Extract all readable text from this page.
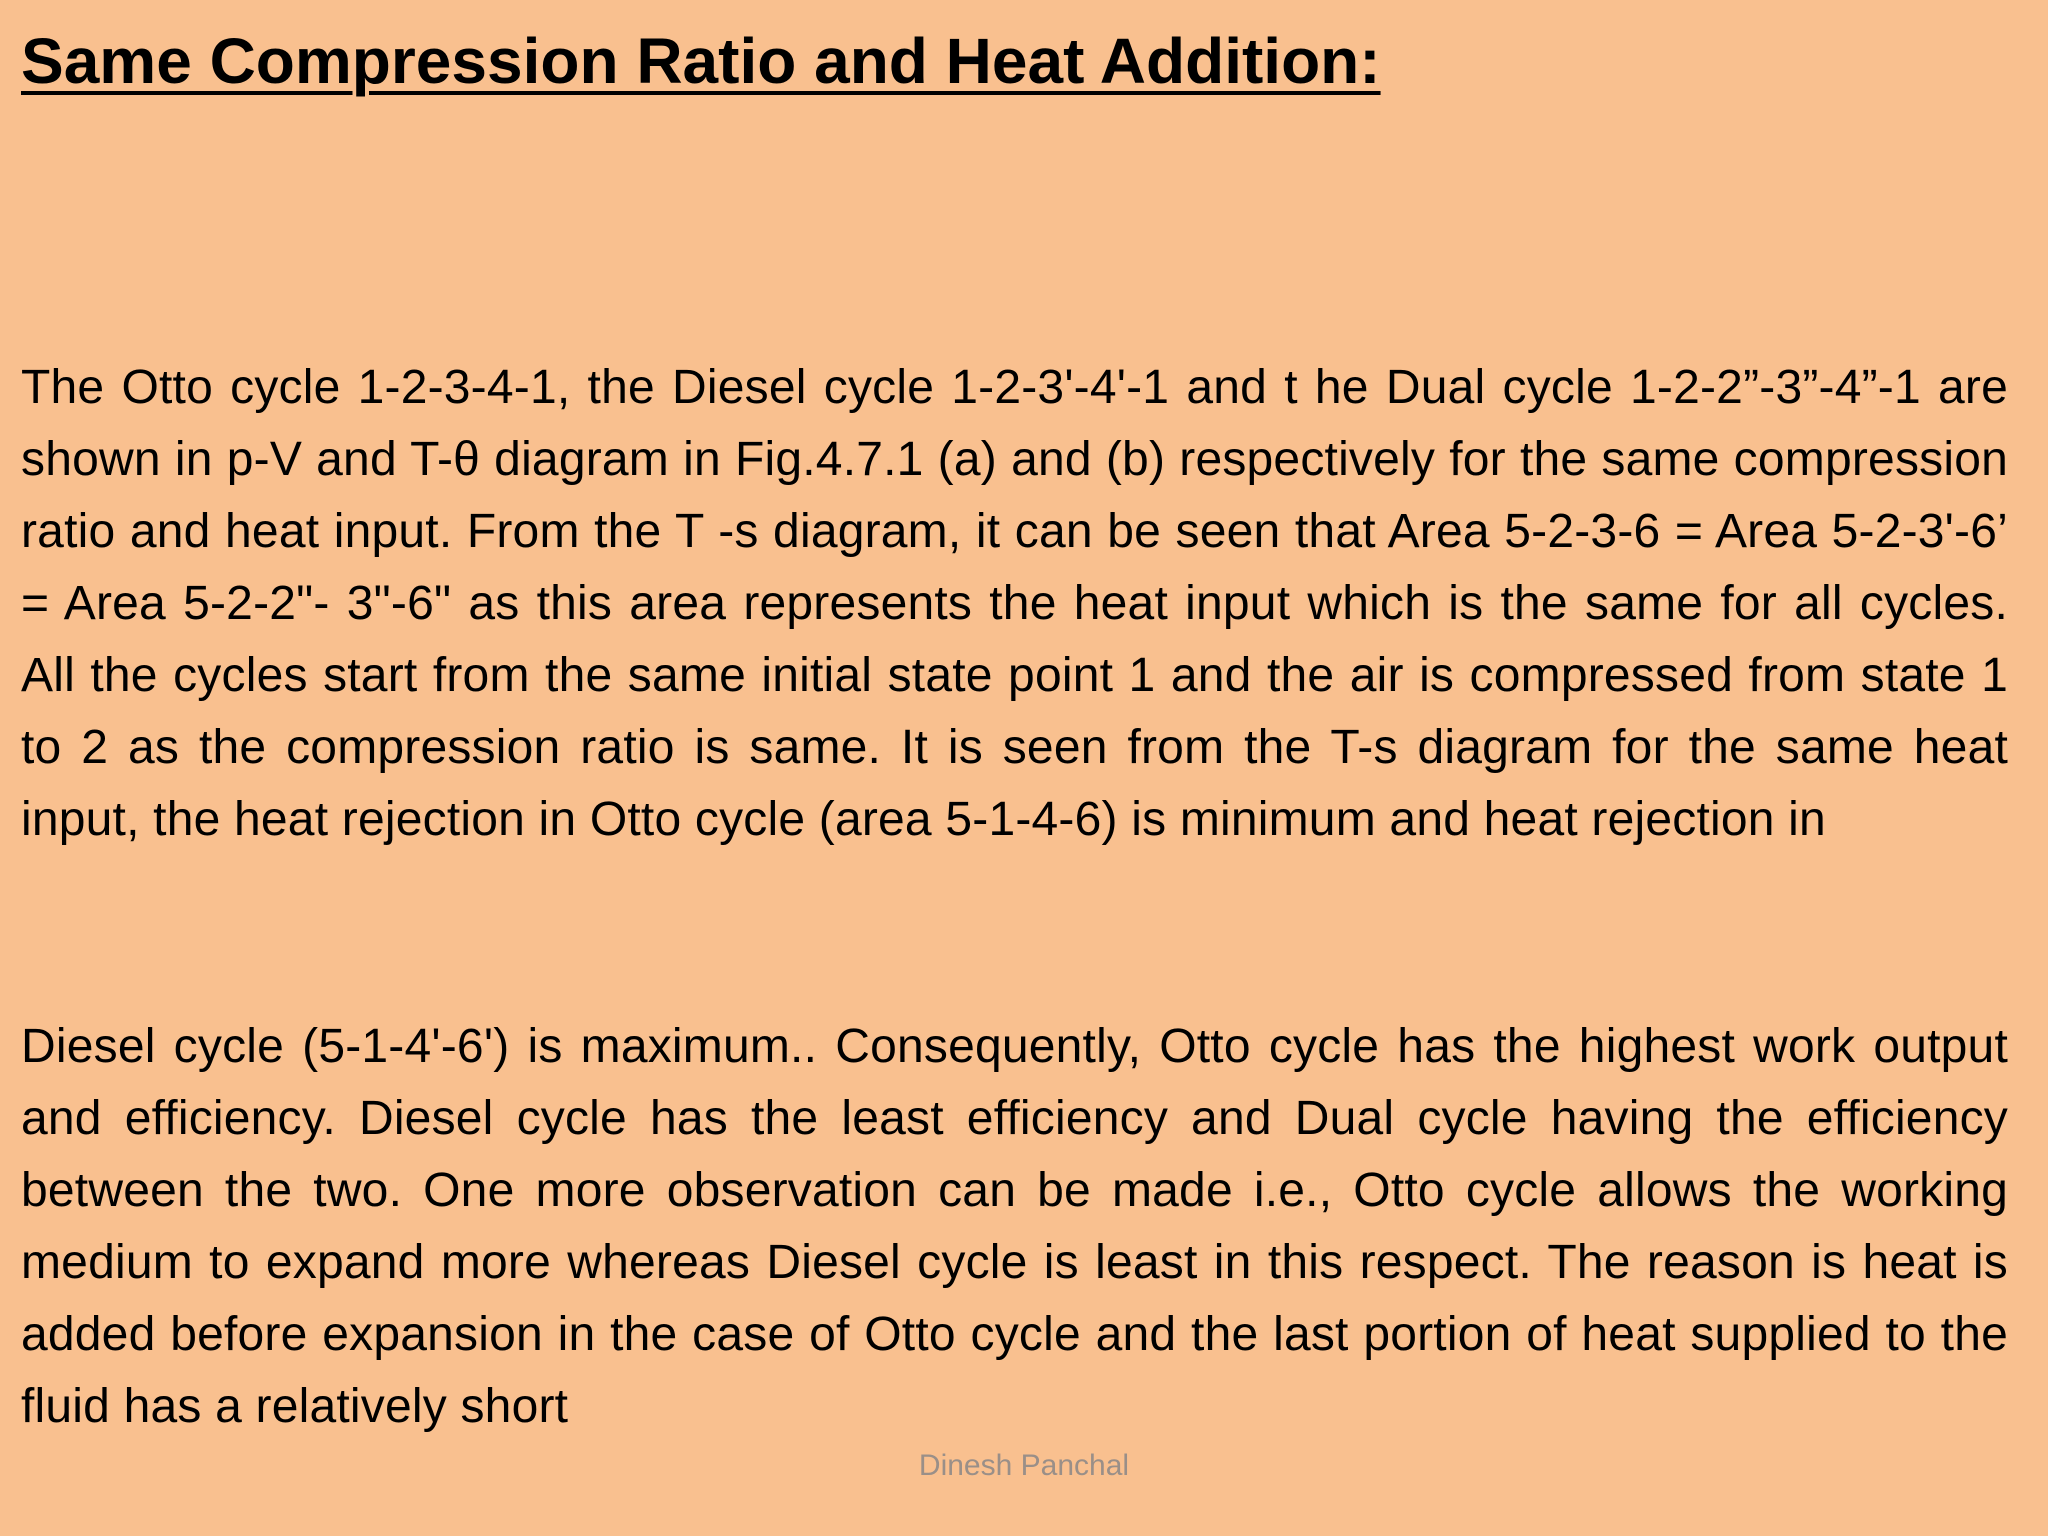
Same Compression Ratio and Heat Addition:

The Otto cycle 1-2-3-4-1, the Diesel cycle 1-2-3'-4'-1 and t he Dual cycle 1-2-2”-3”-4”-1 are shown in p-V and T-θ diagram in Fig.4.7.1 (a) and (b) respectively for the same compression ratio and heat input. From the T -s diagram, it can be seen that Area 5-2-3-6 = Area 5-2-3'-6’ = Area 5-2-2"- 3"-6" as this area represents the heat input which is the same for all cycles. All the cycles start from the same initial state point 1 and the air is compressed from state 1 to 2 as the compression ratio is same. It is seen from the T-s diagram for the same heat input, the heat rejection in Otto cycle (area 5-1-4-6) is minimum and heat rejection in

Diesel cycle (5-1-4'-6') is maximum.. Consequently, Otto cycle has the highest work output and efficiency. Diesel cycle has the least efficiency and Dual cycle having the efficiency between the two. One more observation can be made i.e., Otto cycle allows the working medium to expand more whereas Diesel cycle is least in this respect. The reason is heat is added before expansion in the case of Otto cycle and the last portion of heat supplied to the fluid has a relatively short

Dinesh Panchal
